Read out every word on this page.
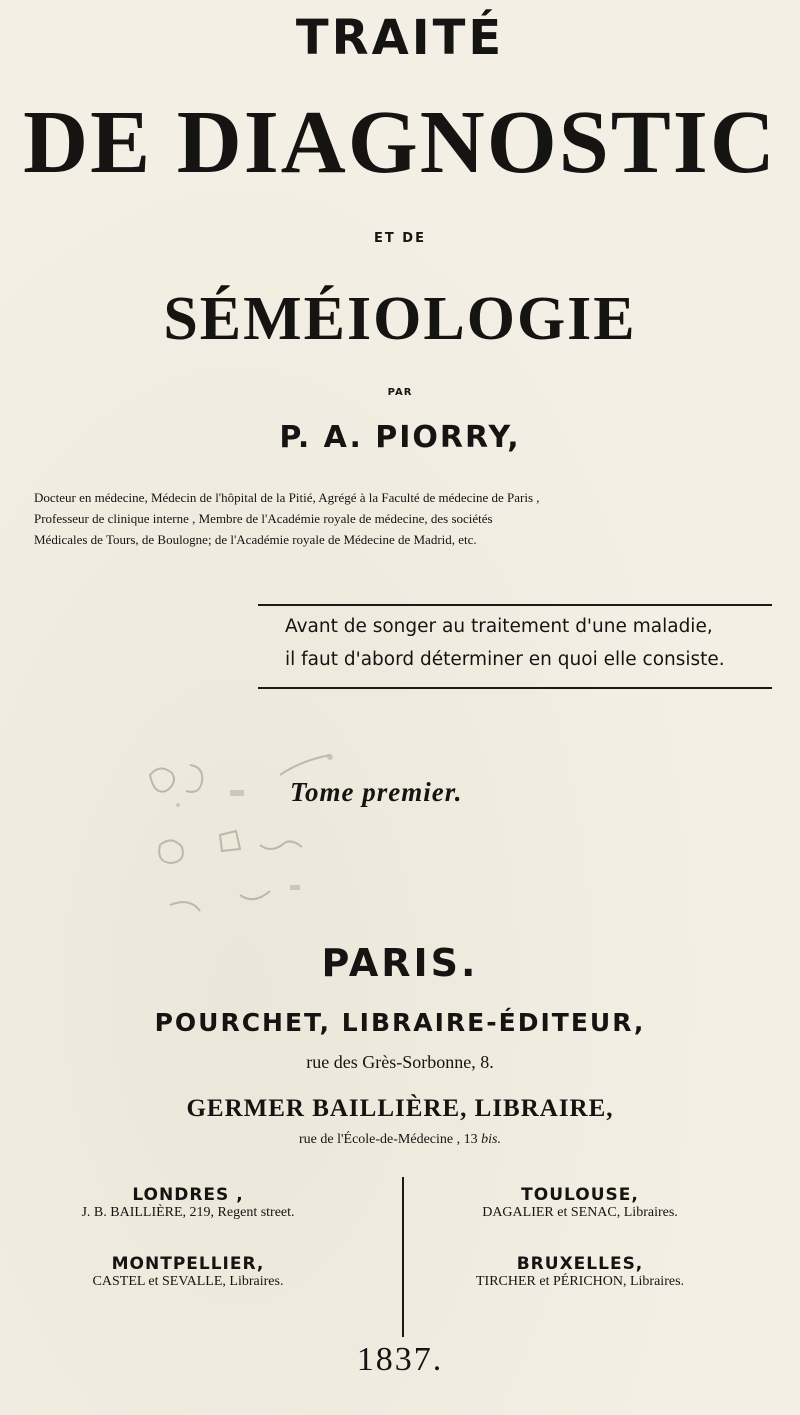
TRAITÉ
DE DIAGNOSTIC
ET DE
SÉMÉIOLOGIE
PAR
P. A. PIORRY,
Docteur en médecine, Médecin de l'hôpital de la Pitié, Agrégé à la Faculté de médecine de Paris ,
Professeur de clinique interne , Membre de l'Académie royale de médecine, des sociétés
Médicales de Tours, de Boulogne; de l'Académie royale de Médecine de Madrid, etc.
Avant de songer au traitement d'une maladie,
il faut d'abord déterminer en quoi elle consiste.
Tome premier.
PARIS.
POURCHET, LIBRAIRE-ÉDITEUR,
rue des Grès-Sorbonne, 8.
GERMER BAILLIÈRE, LIBRAIRE,
rue de l'École-de-Médecine , 13 bis.
LONDRES ,
J. B. BAILLIÈRE, 219, Regent street.
MONTPELLIER,
CASTEL et SEVALLE, Libraires.
TOULOUSE,
DAGALIER et SENAC, Libraires.
BRUXELLES,
TIRCHER et PÉRICHON, Libraires.
1837.
